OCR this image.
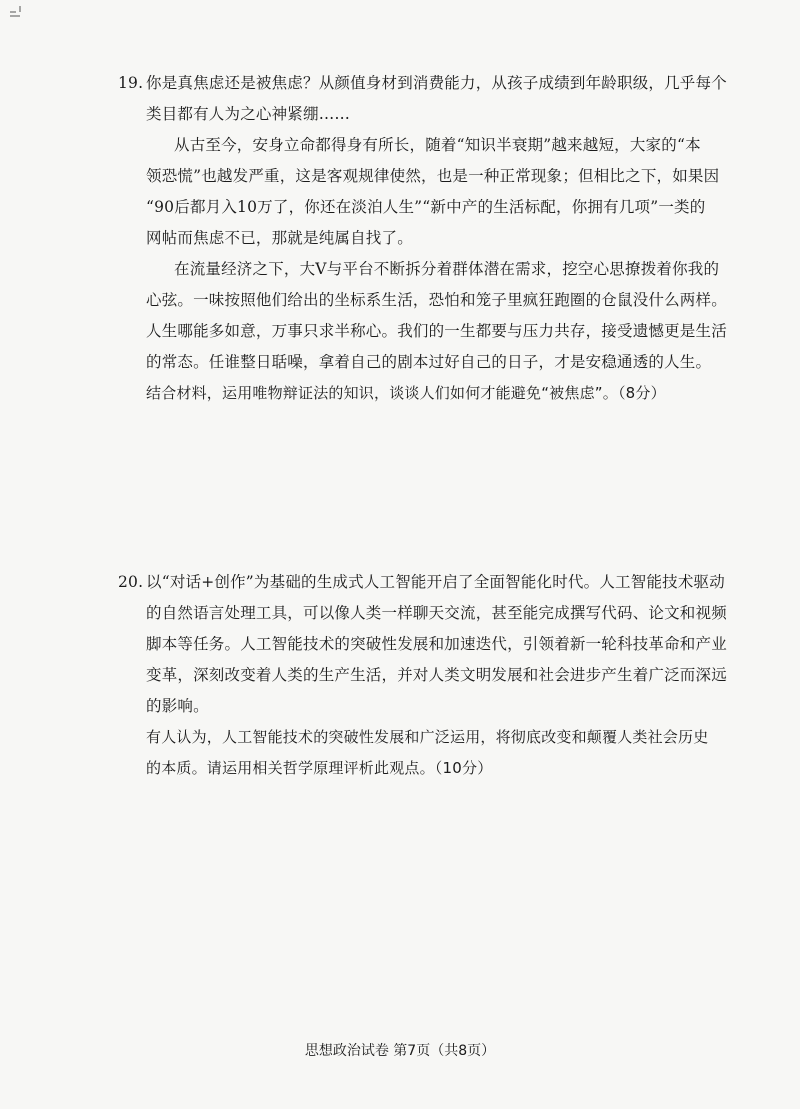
19. 你是真焦虑还是被焦虑？从颜值身材到消费能力，从孩子成绩到年龄职级，几乎每个
类目都有人为之心神紧绷……
从古至今，安身立命都得身有所长，随着“知识半衰期”越来越短，大家的“本
领恐慌”也越发严重，这是客观规律使然，也是一种正常现象；但相比之下，如果因
“90后都月入10万了，你还在淡泊人生”“新中产的生活标配，你拥有几项”一类的
网帖而焦虑不已，那就是纯属自找了。
在流量经济之下，大V与平台不断拆分着群体潜在需求，挖空心思撩拨着你我的
心弦。一味按照他们给出的坐标系生活，恐怕和笼子里疯狂跑圈的仓鼠没什么两样。
人生哪能多如意，万事只求半称心。我们的一生都要与压力共存，接受遗憾更是生活
的常态。任谁整日聒噪，拿着自己的剧本过好自己的日子，才是安稳通透的人生。
结合材料，运用唯物辩证法的知识，谈谈人们如何才能避免“被焦虑”。（8分）
20. 以“对话+创作”为基础的生成式人工智能开启了全面智能化时代。人工智能技术驱动
的自然语言处理工具，可以像人类一样聊天交流，甚至能完成撰写代码、论文和视频
脚本等任务。人工智能技术的突破性发展和加速迭代，引领着新一轮科技革命和产业
变革，深刻改变着人类的生产生活，并对人类文明发展和社会进步产生着广泛而深远
的影响。
有人认为，人工智能技术的突破性发展和广泛运用，将彻底改变和颠覆人类社会历史
的本质。请运用相关哲学原理评析此观点。（10分）
思想政治试卷 第7页（共8页）
